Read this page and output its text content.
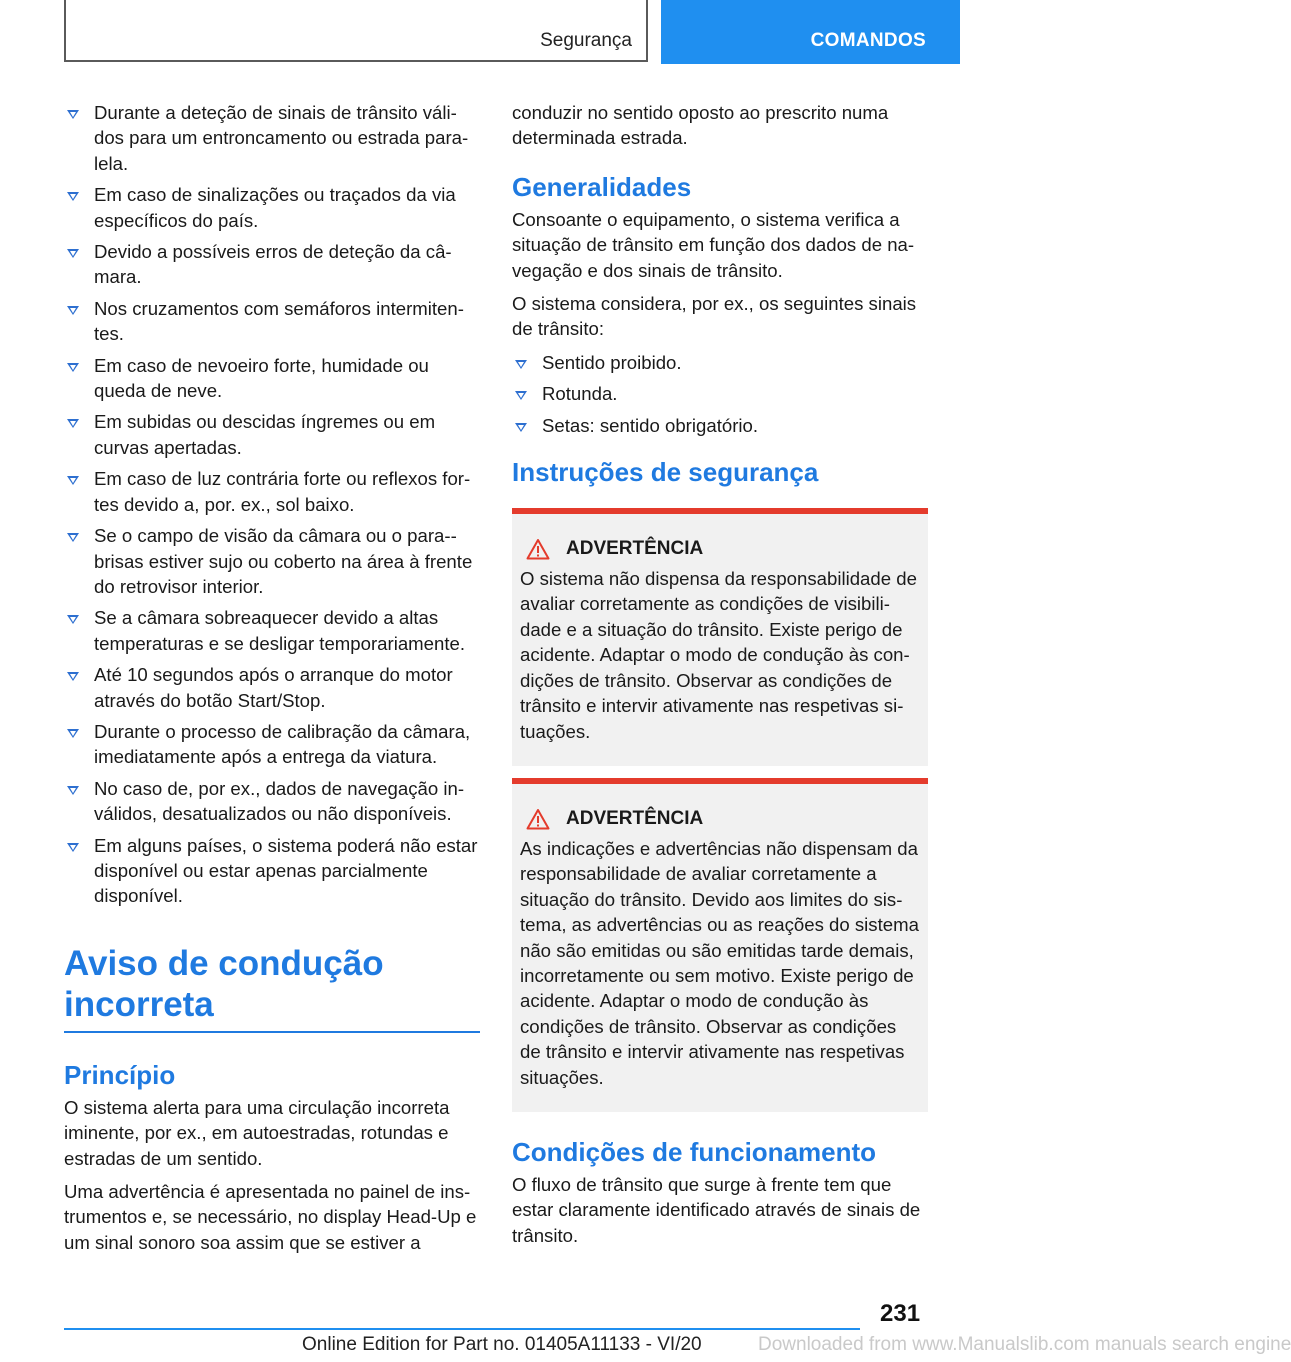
Segurança	COMANDOS
Durante a deteção de sinais de trânsito válidos para um entroncamento ou estrada paralela.
Em caso de sinalizações ou traçados da via específicos do país.
Devido a possíveis erros de deteção da câmara.
Nos cruzamentos com semáforos intermitentes.
Em caso de nevoeiro forte, humidade ou queda de neve.
Em subidas ou descidas íngremes ou em curvas apertadas.
Em caso de luz contrária forte ou reflexos fortes devido a, por. ex., sol baixo.
Se o campo de visão da câmara ou o para-brisas estiver sujo ou coberto na área à frente do retrovisor interior.
Se a câmara sobreaquecer devido a altas temperaturas e se desligar temporariamente.
Até 10 segundos após o arranque do motor através do botão Start/Stop.
Durante o processo de calibração da câmara, imediatamente após a entrega da viatura.
No caso de, por ex., dados de navegação inválidos, desatualizados ou não disponíveis.
Em alguns países, o sistema poderá não estar disponível ou estar apenas parcialmente disponível.
Aviso de condução incorreta
Princípio

O sistema alerta para uma circulação incorreta iminente, por ex., em autoestradas, rotundas e estradas de um sentido.

Uma advertência é apresentada no painel de instrumentos e, se necessário, no display Head-Up e um sinal sonoro soa assim que se estiver a

conduzir no sentido oposto ao prescrito numa determinada estrada.

Generalidades

Consoante o equipamento, o sistema verifica a situação de trânsito em função dos dados de navegação e dos sinais de trânsito.

O sistema considera, por ex., os seguintes sinais de trânsito:

Sentido proibido.
Rotunda.
Setas: sentido obrigatório.
Instruções de segurança
ADVERTÊNCIA

O sistema não dispensa da responsabilidade de avaliar corretamente as condições de visibilidade e a situação do trânsito. Existe perigo de acidente. Adaptar o modo de condução às condições de trânsito. Observar as condições de trânsito e intervir ativamente nas respetivas situações.

ADVERTÊNCIA

As indicações e advertências não dispensam da responsabilidade de avaliar corretamente a situação do trânsito. Devido aos limites do sistema, as advertências ou as reações do sistema não são emitidas ou são emitidas tarde demais, incorretamente ou sem motivo. Existe perigo de acidente. Adaptar o modo de condução às condições de trânsito. Observar as condições de trânsito e intervir ativamente nas respetivas situações.

Condições de funcionamento

O fluxo de trânsito que surge à frente tem que estar claramente identificado através de sinais de trânsito.

231
Downloaded from www.Manualslib.com manuals search engine
Online Edition for Part no. 01405A11133 - VI/20
